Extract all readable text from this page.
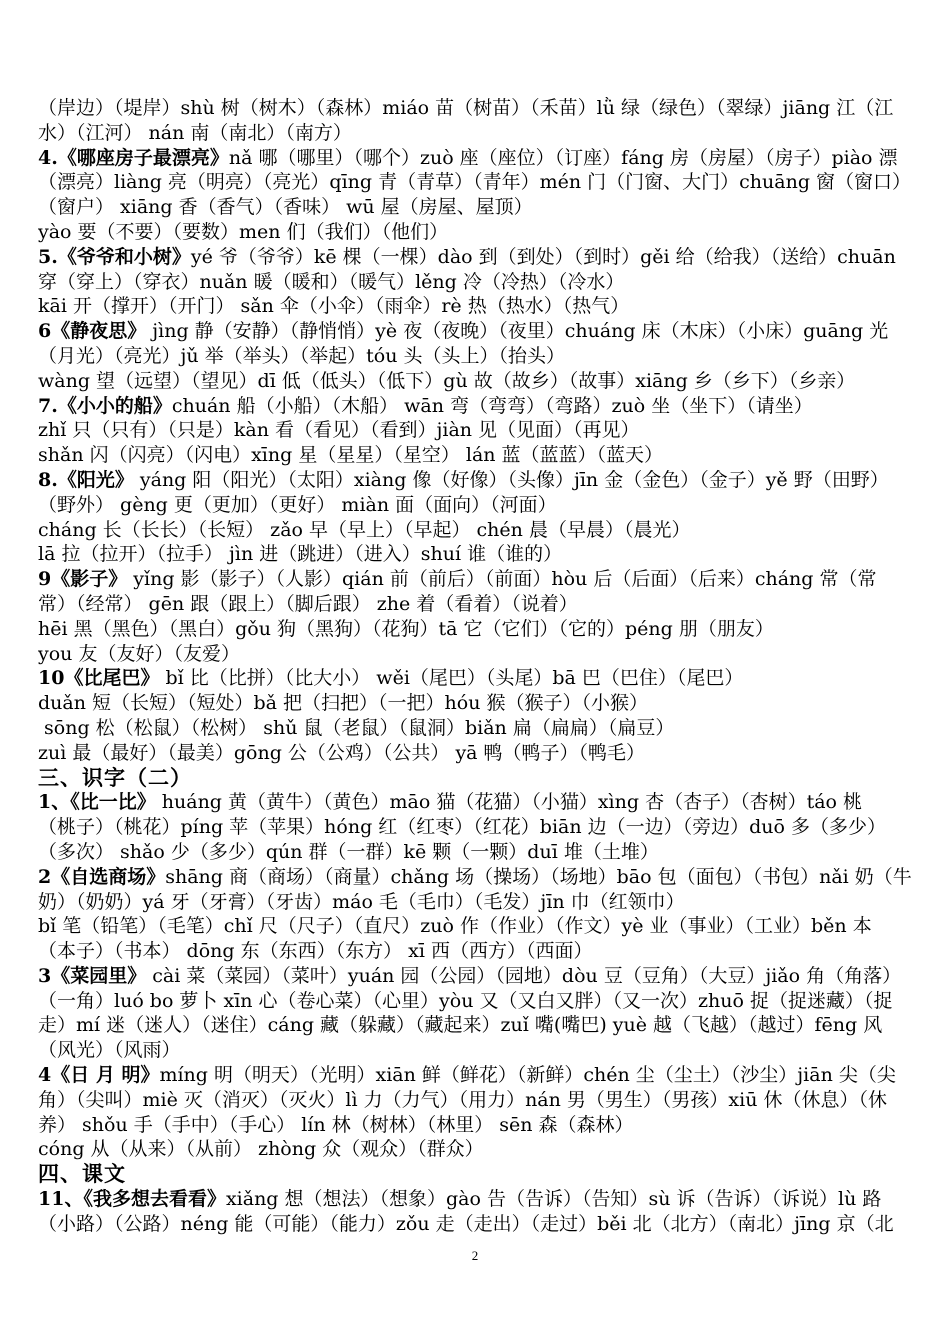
（岸边）（堤岸）shù 树（树木）（森林）miáo 苗（树苗）（禾苗）lǜ 绿（绿色）（翠绿）jiāng 江（江
水）（江河） nán 南（南北）（南方）
4.《哪座房子最漂亮》nǎ 哪（哪里）（哪个）zuò 座（座位）（订座）fáng 房（房屋）（房子）piào 漂
（漂亮）liàng 亮（明亮）（亮光）qīng 青（青草）（青年）mén 门（门窗、大门）chuāng 窗（窗口）
（窗户） xiāng 香（香气）（香味） wū 屋（房屋、屋顶）
yào 要（不要）（要数）men 们（我们）（他们）
5.《爷爷和小树》yé 爷（爷爷）kē 棵（一棵）dào 到（到处）（到时）gěi 给（给我）（送给）chuān
穿（穿上）（穿衣）nuǎn 暖（暖和）（暖气）lěng 冷（冷热）（冷水）
kāi 开（撑开）（开门） sǎn 伞（小伞）（雨伞）rè 热（热水）（热气）
6《静夜思》 jìng 静（安静）（静悄悄）yè 夜（夜晚）（夜里）chuáng 床（木床）（小床）guāng 光
（月光）（亮光）jǔ 举（举头）（举起）tóu 头（头上）（抬头）
wàng 望（远望）（望见）dī 低（低头）（低下）gù 故（故乡）（故事）xiāng 乡（乡下）（乡亲）
7.《小小的船》chuán 船（小船）（木船） wān 弯（弯弯）（弯路）zuò 坐（坐下）（请坐）
zhǐ 只（只有）（只是）kàn 看（看见）（看到）jiàn 见（见面）（再见）
shǎn 闪（闪亮）（闪电）xīng 星（星星）（星空） lán 蓝（蓝蓝）（蓝天）
8.《阳光》 yáng 阳（阳光）（太阳）xiàng 像（好像）（头像）jīn 金（金色）（金子）yě 野（田野）
（野外） gèng 更（更加）（更好） miàn 面（面向）（河面）
cháng 长（长长）（长短） zǎo 早（早上）（早起） chén 晨（早晨）（晨光）
lā 拉（拉开）（拉手） jìn 进（跳进）（进入）shuí 谁（谁的）
9《影子》 yǐng 影（影子）（人影）qián 前（前后）（前面）hòu 后（后面）（后来）cháng 常（常
常）（经常） gēn 跟（跟上）（脚后跟） zhe 着（看着）（说着）
hēi 黑（黑色）（黑白）gǒu 狗（黑狗）（花狗）tā 它（它们）（它的）péng 朋（朋友）
you 友（友好）（友爱）
10《比尾巴》 bǐ 比（比拼）（比大小） wěi（尾巴）（头尾）bā 巴（巴住）（尾巴）
duǎn 短（长短）（短处）bǎ 把（扫把）（一把）hóu 猴（猴子）（小猴）
sōng 松（松鼠）（松树） shǔ 鼠（老鼠）（鼠洞）biǎn 扁（扁扁）（扁豆）
zuì 最（最好）（最美）gōng 公（公鸡）（公共） yā 鸭（鸭子）（鸭毛）
三、识字（二）
1、《比一比》 huáng 黄（黄牛）（黄色）māo 猫（花猫）（小猫）xìng 杏（杏子）（杏树）táo 桃
（桃子）（桃花）píng 苹（苹果）hóng 红（红枣）（红花）biān 边（一边）（旁边）duō 多（多少）
（多次） shǎo 少（多少）qún 群（一群）kē 颗（一颗）duī 堆（土堆）
2《自选商场》shāng 商（商场）（商量）chǎng 场（操场）（场地）bāo 包（面包）（书包）nǎi 奶（牛
奶）（奶奶）yá 牙（牙膏）（牙齿）máo 毛（毛巾）（毛发）jīn 巾（红领巾）
bǐ 笔（铅笔）（毛笔）chǐ 尺（尺子）（直尺）zuò 作（作业）（作文）yè 业（事业）（工业）běn 本
（本子）（书本） dōng 东（东西）（东方） xī 西（西方）（西面）
3《菜园里》 cài 菜（菜园）（菜叶）yuán 园（公园）（园地）dòu 豆（豆角）（大豆）jiǎo 角（角落）
（一角）luó bo 萝卜 xīn 心（卷心菜）（心里）yòu 又（又白又胖）（又一次）zhuō 捉（捉迷藏）（捉
走）mí 迷（迷人）（迷住）cáng 藏（躲藏）（藏起来）zuǐ 嘴(嘴巴) yuè 越（飞越）（越过）fēng 风
（风光）（风雨）
4《日 月 明》míng 明（明天）（光明）xiān 鲜（鲜花）（新鲜）chén 尘（尘土）（沙尘）jiān 尖（尖
角）（尖叫）miè 灭（消灭）（灭火）lì 力（力气）（用力）nán 男（男生）（男孩）xiū 休（休息）（休
养） shǒu 手（手中）（手心） lín 林（树林）（林里） sēn 森（森林）
cóng 从（从来）（从前） zhòng 众（观众）（群众）
四、课文
11、《我多想去看看》xiǎng 想（想法）（想象）gào 告（告诉）（告知）sù 诉（告诉）（诉说）lù 路
（小路）（公路）néng 能（可能）（能力）zǒu 走（走出）（走过）běi 北（北方）（南北）jīng 京（北
2
